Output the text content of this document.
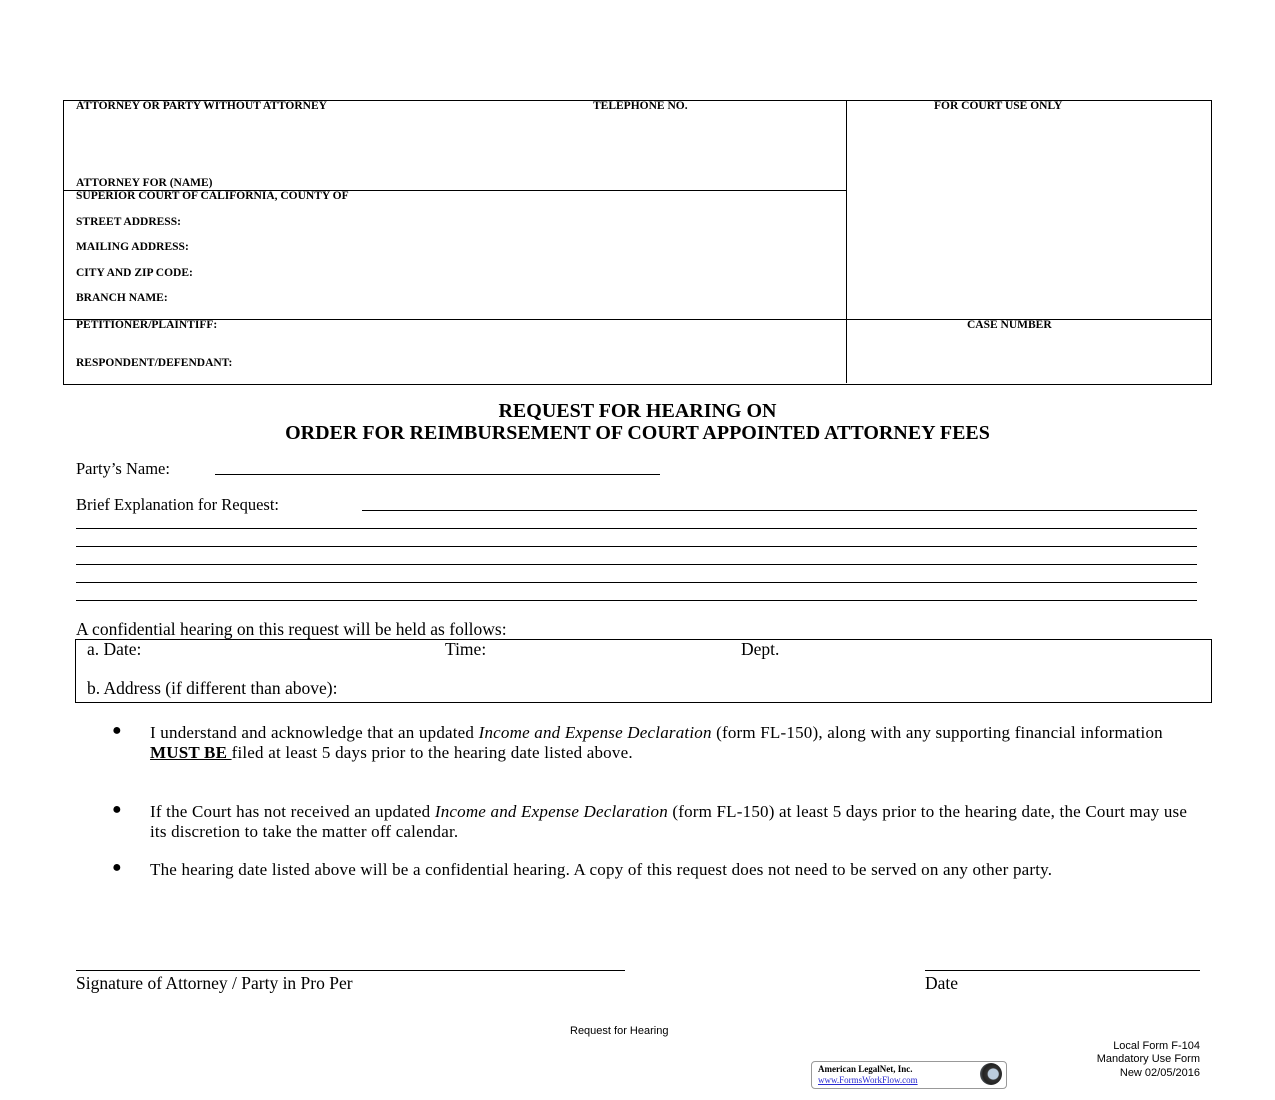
ATTORNEY OR PARTY WITHOUT ATTORNEY	TELEPHONE NO.	FOR COURT USE ONLY
ATTORNEY FOR (NAME)
SUPERIOR COURT OF CALIFORNIA, COUNTY OF
STREET ADDRESS:
MAILING ADDRESS:
CITY AND ZIP CODE:
BRANCH NAME:
PETITIONER/PLAINTIFF:
RESPONDENT/DEFENDANT:
CASE NUMBER
REQUEST FOR HEARING ON
ORDER FOR REIMBURSEMENT OF COURT APPOINTED ATTORNEY FEES
Party’s Name:
Brief Explanation for Request:
A confidential hearing on this request will be held as follows:
a. Date:	Time:	Dept.
b. Address (if different than above):
● I understand and acknowledge that an updated Income and Expense Declaration (form FL-150), along with any supporting financial information MUST BE filed at least 5 days prior to the hearing date listed above.
● If the Court has not received an updated Income and Expense Declaration (form FL-150) at least 5 days prior to the hearing date, the Court may use its discretion to take the matter off calendar.
● The hearing date listed above will be a confidential hearing. A copy of this request does not need to be served on any other party.
Signature of Attorney / Party in Pro Per	Date
Request for Hearing
Local Form F-104
Mandatory Use Form
New 02/05/2016
American LegalNet, Inc.
www.FormsWorkFlow.com
